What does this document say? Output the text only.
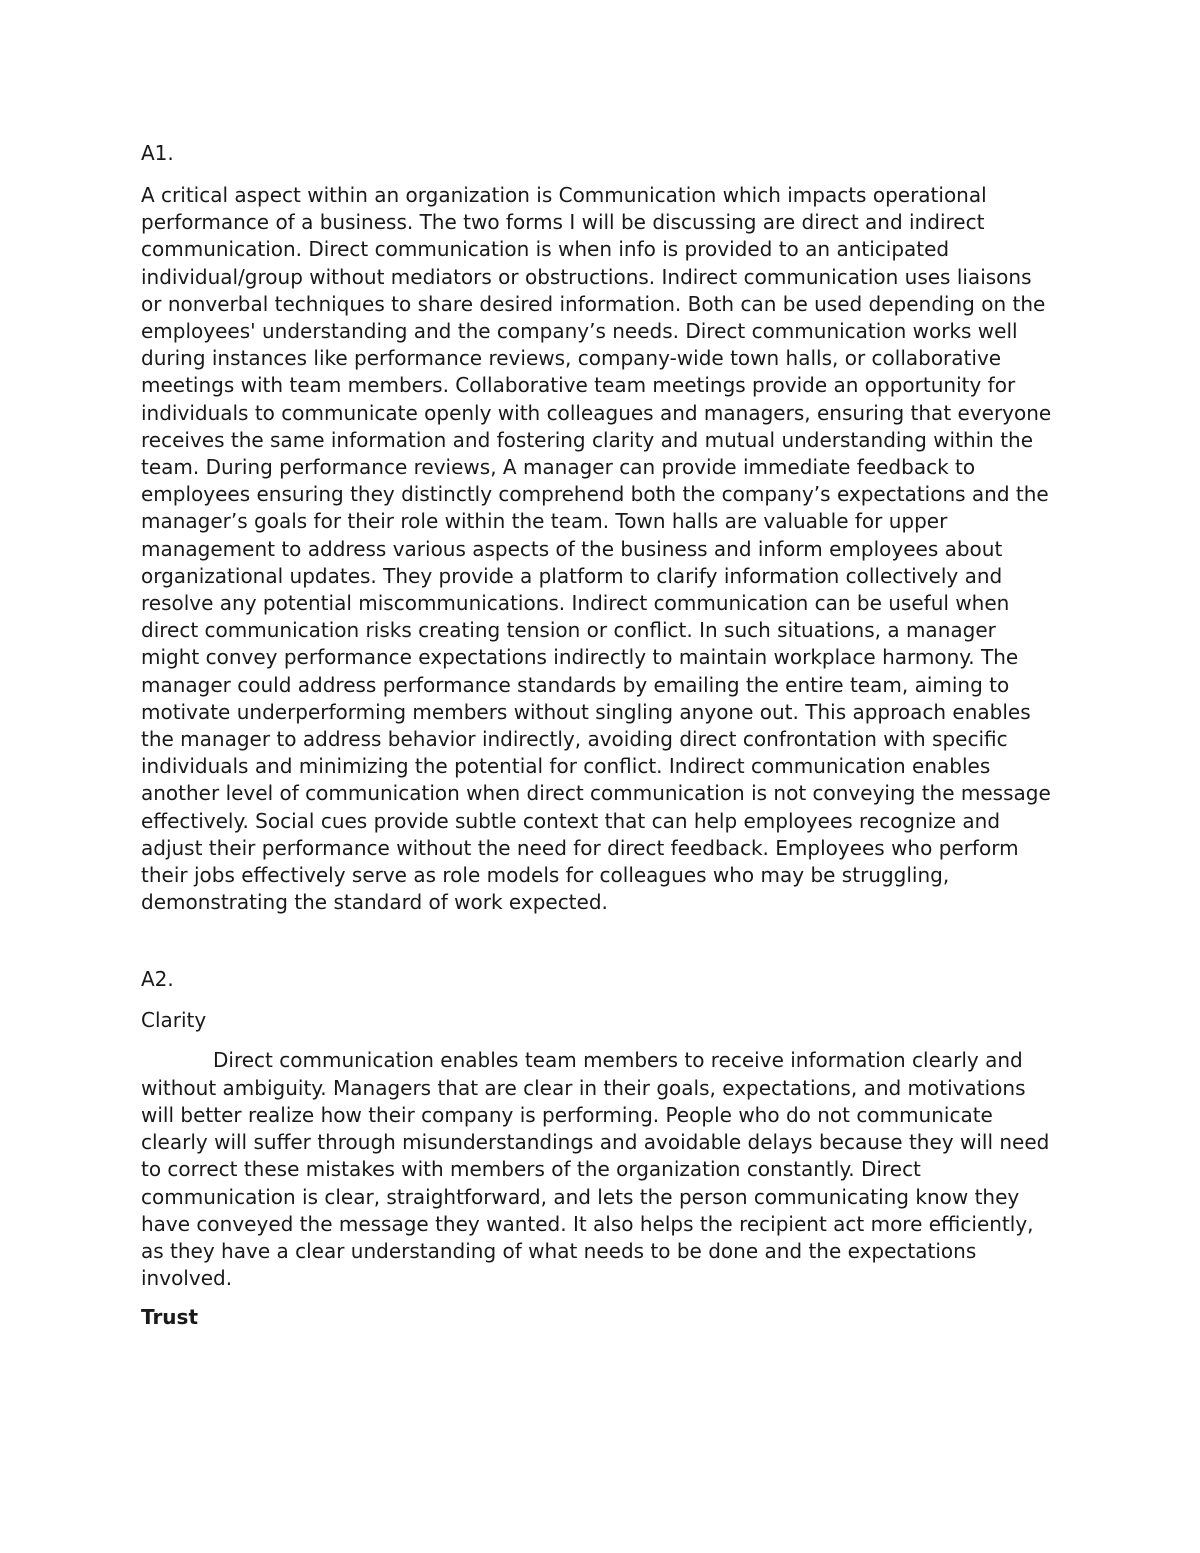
A1.

A critical aspect within an organization is Communication which impacts operational performance of a business. The two forms I will be discussing are direct and indirect communication. Direct communication is when info is provided to an anticipated individual/group without mediators or obstructions. Indirect communication uses liaisons or nonverbal techniques to share desired information. Both can be used depending on the employees' understanding and the company’s needs. Direct communication works well during instances like performance reviews, company-wide town halls, or collaborative meetings with team members. Collaborative team meetings provide an opportunity for individuals to communicate openly with colleagues and managers, ensuring that everyone receives the same information and fostering clarity and mutual understanding within the team. During performance reviews, A manager can provide immediate feedback to employees ensuring they distinctly comprehend both the company’s expectations and the manager’s goals for their role within the team. Town halls are valuable for upper management to address various aspects of the business and inform employees about organizational updates. They provide a platform to clarify information collectively and resolve any potential miscommunications. Indirect communication can be useful when direct communication risks creating tension or conflict. In such situations, a manager might convey performance expectations indirectly to maintain workplace harmony. The manager could address performance standards by emailing the entire team, aiming to motivate underperforming members without singling anyone out. This approach enables the manager to address behavior indirectly, avoiding direct confrontation with specific individuals and minimizing the potential for conflict. Indirect communication enables another level of communication when direct communication is not conveying the message effectively. Social cues provide subtle context that can help employees recognize and adjust their performance without the need for direct feedback. Employees who perform their jobs effectively serve as role models for colleagues who may be struggling, demonstrating the standard of work expected.

A2.

Clarity

Direct communication enables team members to receive information clearly and without ambiguity. Managers that are clear in their goals, expectations, and motivations will better realize how their company is performing. People who do not communicate clearly will suffer through misunderstandings and avoidable delays because they will need to correct these mistakes with members of the organization constantly. Direct communication is clear, straightforward, and lets the person communicating know they have conveyed the message they wanted. It also helps the recipient act more efficiently, as they have a clear understanding of what needs to be done and the expectations involved.

Trust
